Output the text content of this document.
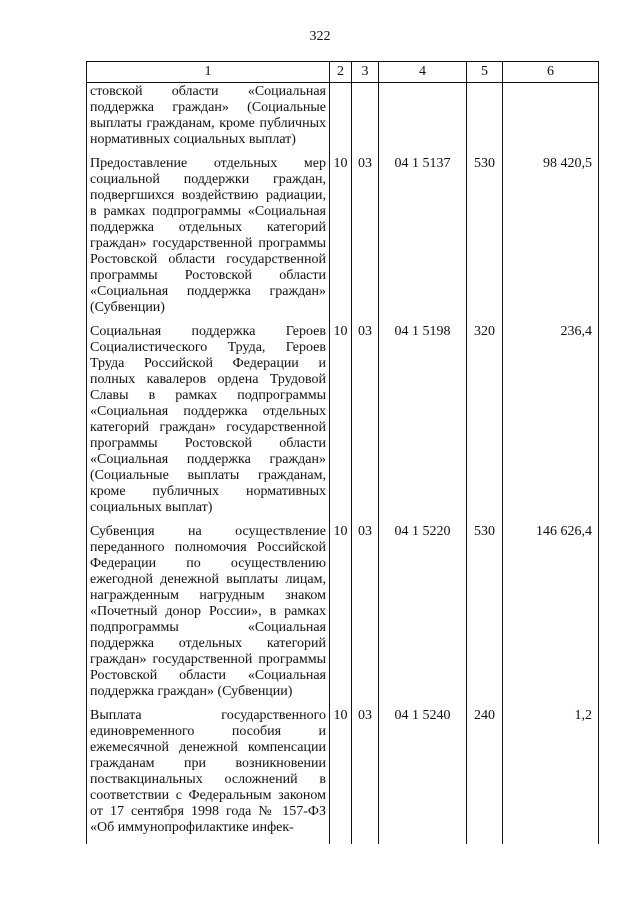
322
1	2	3	4	5	6
стовской области «Социальная поддержка граждан» (Социальные выплаты гражданам, кроме публичных нормативных социальных выплат)					
Предоставление отдельных мер социальной поддержки граждан, подвергшихся воздействию радиации, в рамках подпрограммы «Социальная поддержка отдельных категорий граждан» государственной программы Ростовской области государственной программы Ростовской области «Социальная поддержка граждан» (Субвенции)	10	03	04 1 5137	530	98 420,5
Социальная поддержка Героев Социалистического Труда, Героев Труда Российской Федерации и полных кавалеров ордена Трудовой Славы в рамках подпрограммы «Социальная поддержка отдельных категорий граждан» государственной программы Ростовской области «Социальная поддержка граждан» (Социальные выплаты гражданам, кроме публичных нормативных социальных выплат)	10	03	04 1 5198	320	236,4
Субвенция на осуществление переданного полномочия Российской Федерации по осуществлению ежегодной денежной выплаты лицам, награжденным нагрудным знаком «Почетный донор России», в рамках подпрограммы «Социальная поддержка отдельных категорий граждан» государственной программы Ростовской области «Социальная поддержка граждан» (Субвенции)	10	03	04 1 5220	530	146 626,4
Выплата государственного единовременного пособия и ежемесячной денежной компенсации гражданам при возникновении поствакцинальных осложнений в соответствии с Федеральным законом от 17 сентября 1998 года № 157-ФЗ «Об иммунопрофилактике инфек-	10	03	04 1 5240	240	1,2
